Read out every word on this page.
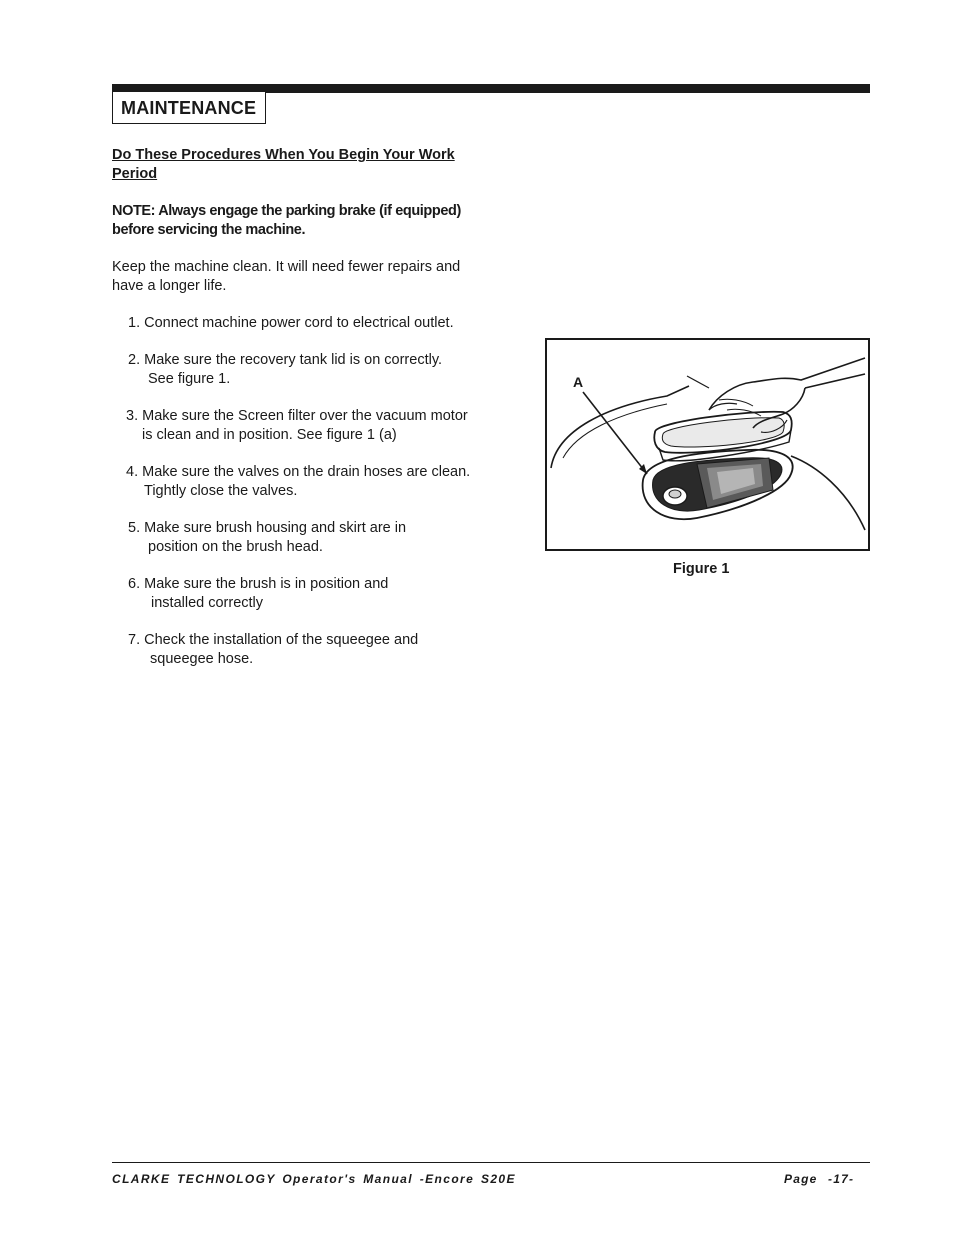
MAINTENANCE

Do These Procedures When You Begin Your Work Period

NOTE: Always engage the parking brake (if equipped) before servicing the machine.

Keep the machine clean. It will need fewer repairs and have a longer life.

1. Connect machine power cord to electrical outlet.
2. Make sure the recovery tank lid is on correctly.
See figure 1.
3. Make sure the Screen filter over the vacuum motor
is clean and in position. See figure 1 (a)
4. Make sure the valves on the drain hoses are clean.
Tightly close the valves.
5. Make sure brush housing and skirt are in
position on the brush head.
6. Make sure the brush is in position and
installed correctly
7. Check the installation of the squeegee and
squeegee hose.
A
Figure 1
CLARKE TECHNOLOGY Operator's Manual -Encore S20E	Page -17-
